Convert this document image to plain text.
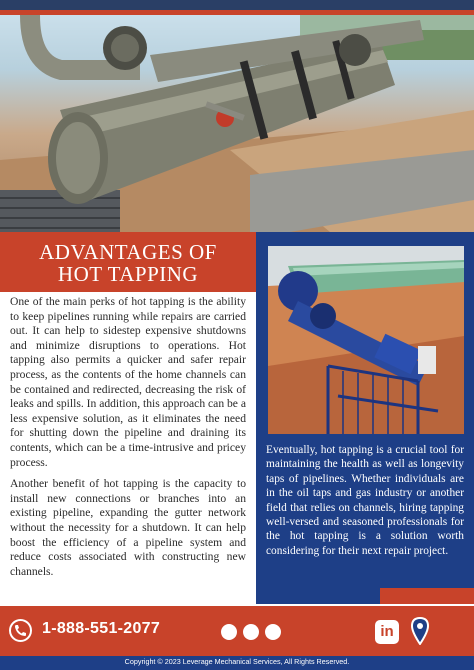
ADVANTAGES OF
HOT TAPPING

One of the main perks of hot tapping is the ability to keep pipelines running while repairs are carried out. It can help to sidestep expensive shutdowns and minimize disruptions to operations. Hot tapping also permits a quicker and safer repair process, as the contents of the home channels can be contained and redirected, decreasing the risk of leaks and spills. In addition, this approach can be a less expensive solution, as it eliminates the need for shutting down the pipeline and draining its contents, which can be a time-intrusive and pricey process.

Another benefit of hot tapping is the capacity to install new connections or branches into an existing pipeline, expanding the gutter network without the necessity for a shutdown. It can help boost the efficiency of a pipeline system and reduce costs associated with constructing new channels.

Eventually, hot tapping is a crucial tool for maintaining the health as well as longevity taps of pipelines. Whether individuals are in the oil taps and gas industry or another field that relies on channels, hiring tapping well-versed and seasoned professionals for the hot tapping is a solution worth considering for their next repair project.
1-888-551-2077	in
Copyright © 2023 Leverage Mechanical Services, All Rights Reserved.
